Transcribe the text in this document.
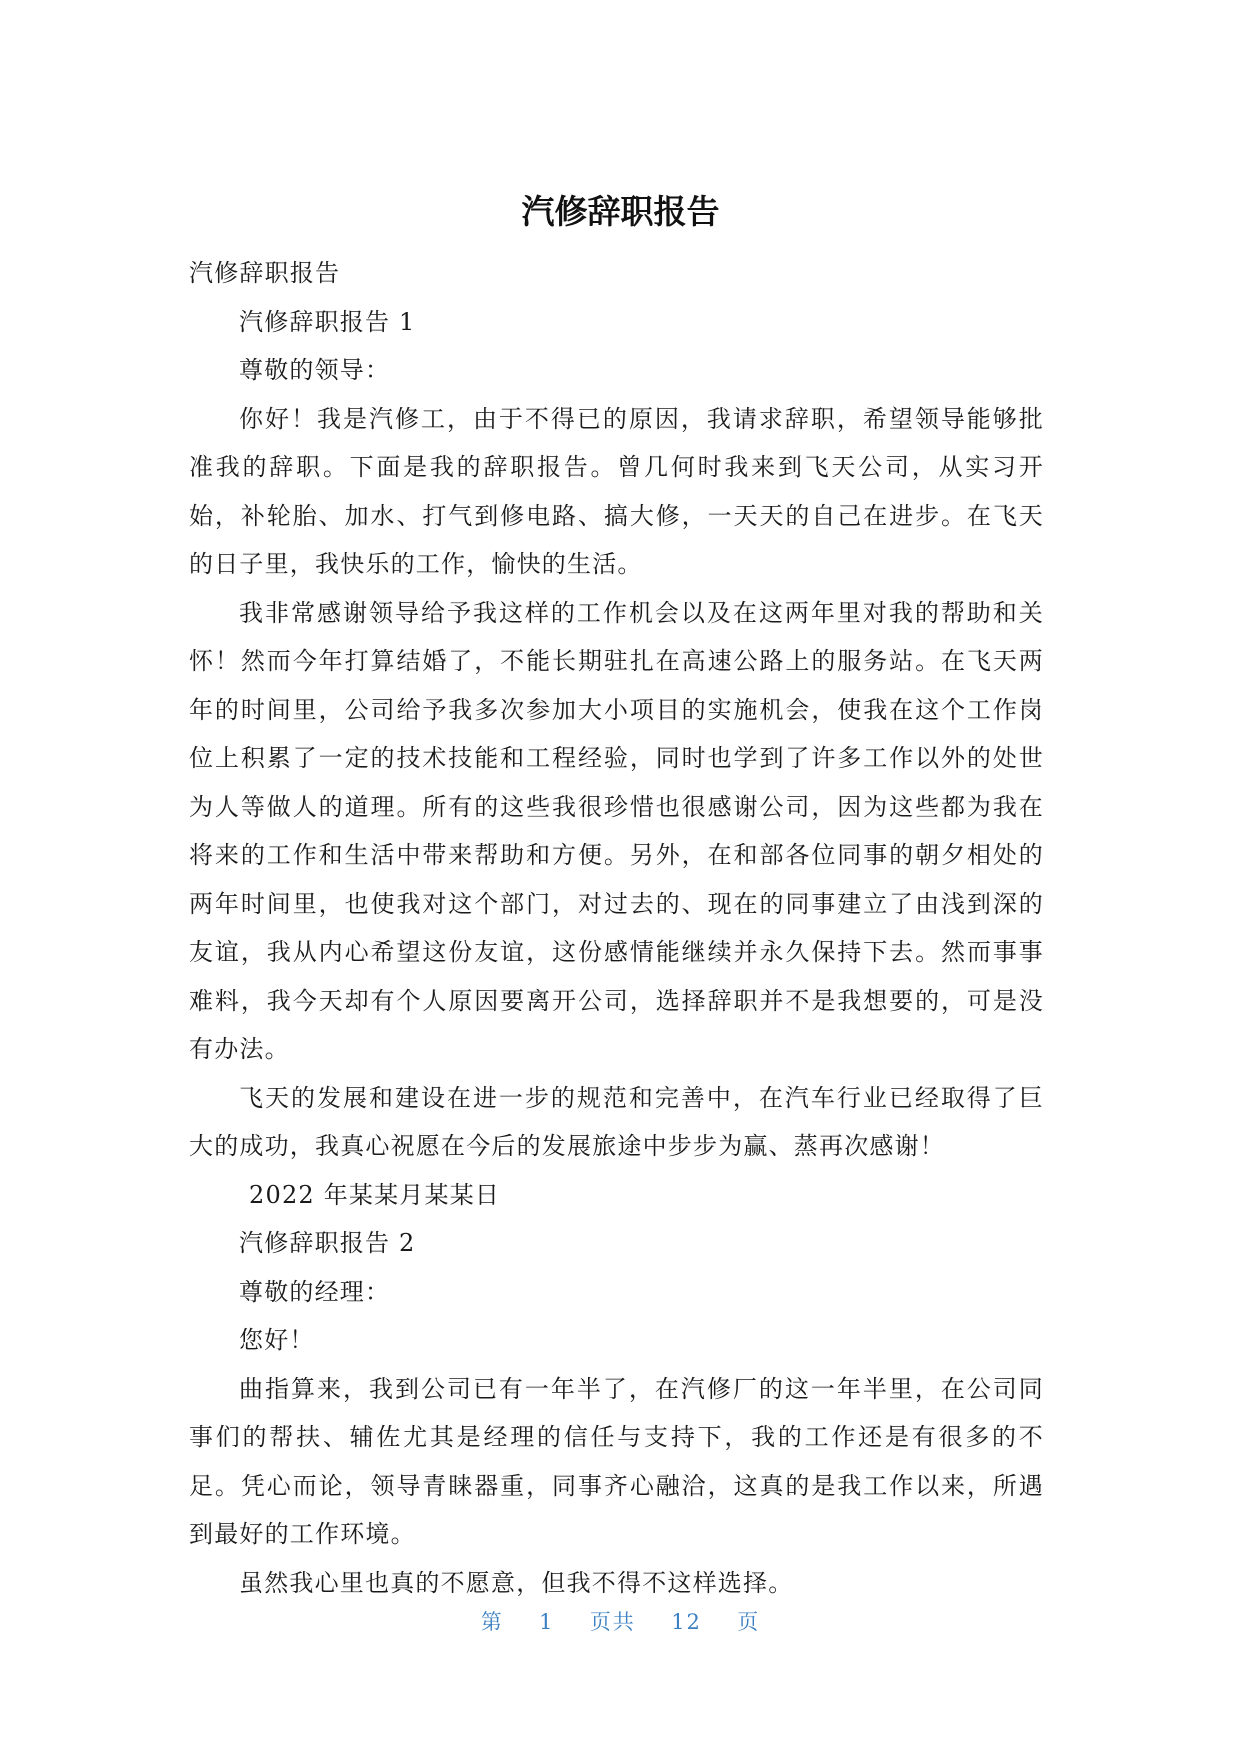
汽修辞职报告

汽修辞职报告

汽修辞职报告 1

尊敬的领导：

你好！我是汽修工，由于不得已的原因，我请求辞职，希望领导能够批准我的辞职。下面是我的辞职报告。曾几何时我来到飞天公司，从实习开始，补轮胎、加水、打气到修电路、搞大修，一天天的自己在进步。在飞天的日子里，我快乐的工作，愉快的生活。

我非常感谢领导给予我这样的工作机会以及在这两年里对我的帮助和关怀！然而今年打算结婚了，不能长期驻扎在高速公路上的服务站。在飞天两年的时间里，公司给予我多次参加大小项目的实施机会，使我在这个工作岗位上积累了一定的技术技能和工程经验，同时也学到了许多工作以外的处世为人等做人的道理。所有的这些我很珍惜也很感谢公司，因为这些都为我在将来的工作和生活中带来帮助和方便。另外，在和部各位同事的朝夕相处的两年时间里，也使我对这个部门，对过去的、现在的同事建立了由浅到深的友谊，我从内心希望这份友谊，这份感情能继续并永久保持下去。然而事事难料，我今天却有个人原因要离开公司，选择辞职并不是我想要的，可是没有办法。

飞天的发展和建设在进一步的规范和完善中，在汽车行业已经取得了巨大的成功，我真心祝愿在今后的发展旅途中步步为赢、蒸再次感谢！

2022 年某某月某某日

汽修辞职报告 2

尊敬的经理：

您好！

曲指算来，我到公司已有一年半了，在汽修厂的这一年半里，在公司同事们的帮扶、辅佐尤其是经理的信任与支持下，我的工作还是有很多的不足。凭心而论，领导青睐器重，同事齐心融洽，这真的是我工作以来，所遇到最好的工作环境。

虽然我心里也真的不愿意，但我不得不这样选择。

第 1 页共 12 页
